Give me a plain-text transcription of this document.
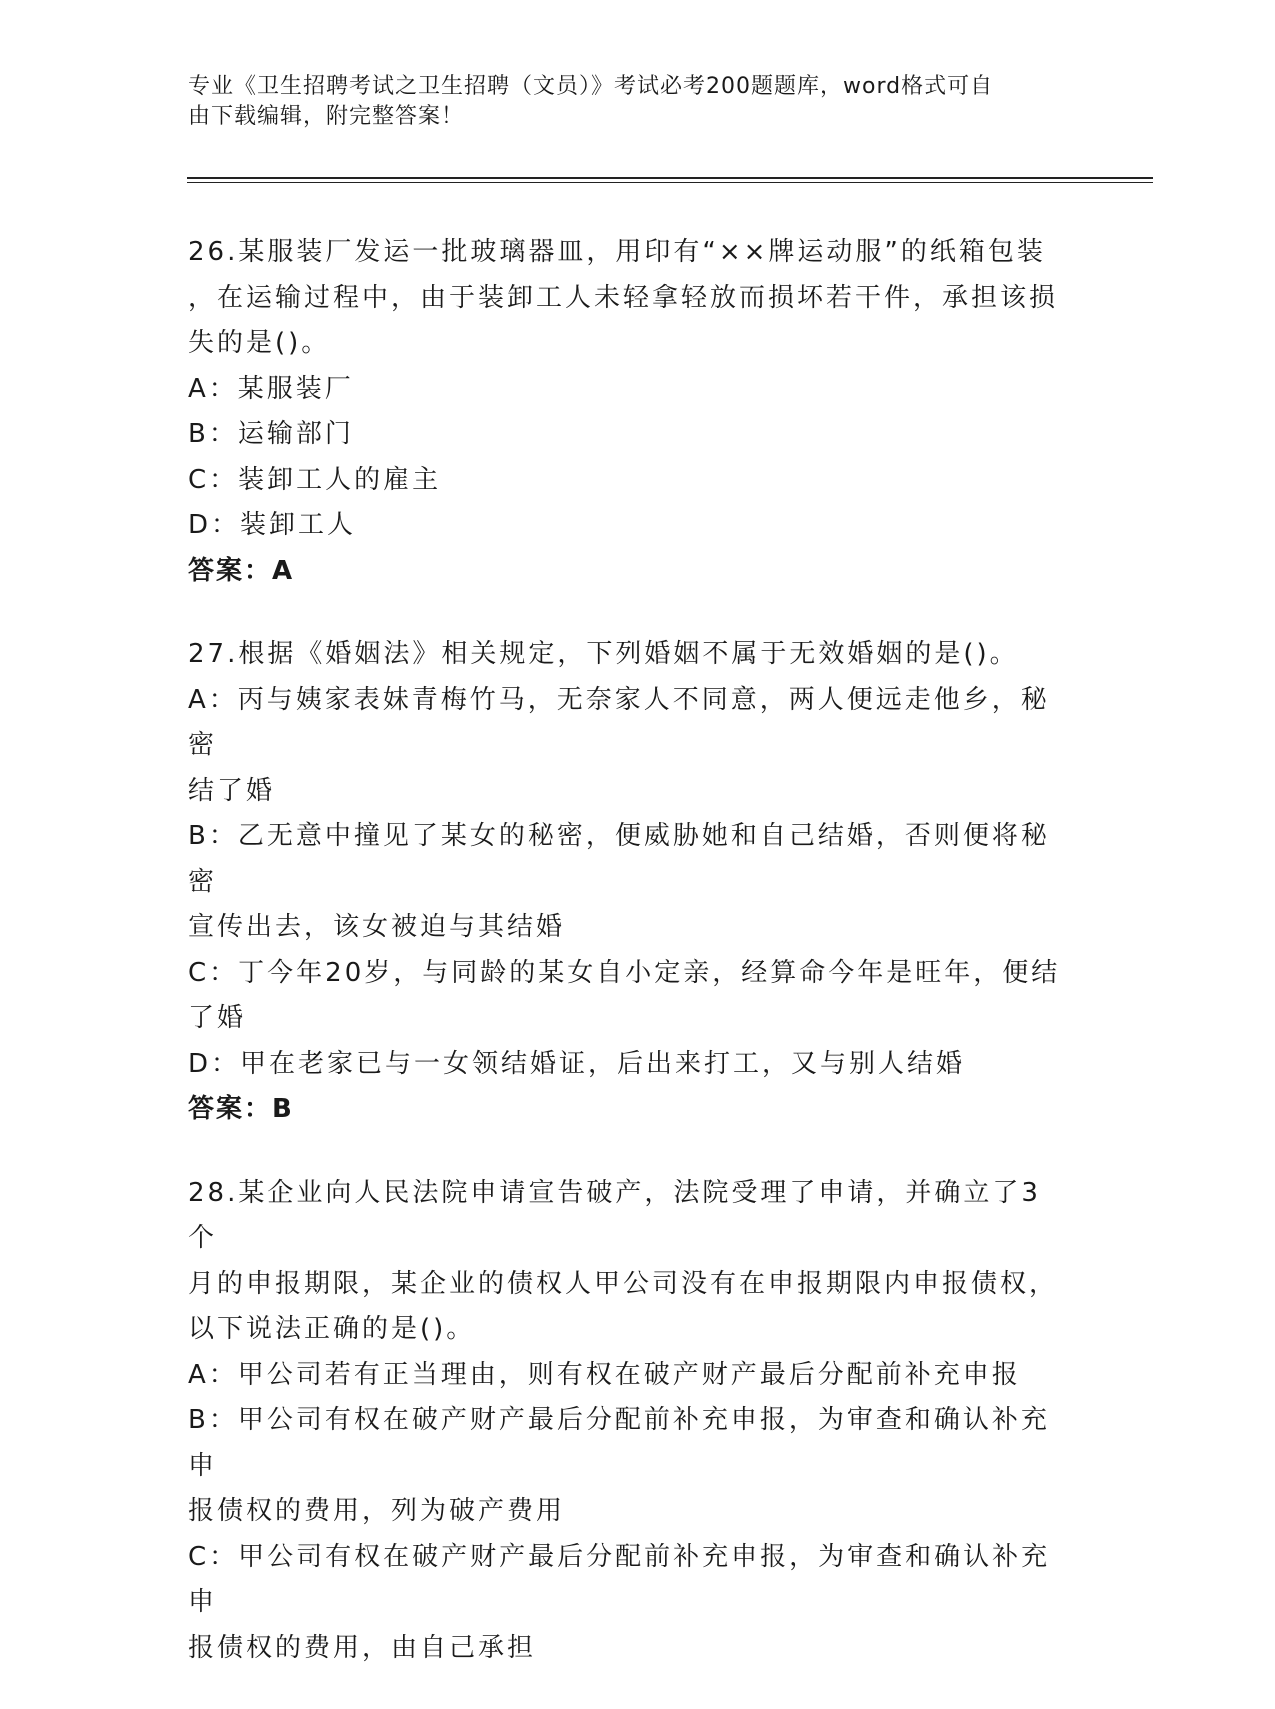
专业《卫生招聘考试之卫生招聘（文员）》考试必考200题题库，word格式可自
由下载编辑，附完整答案！

26.某服装厂发运一批玻璃器皿，用印有“××牌运动服”的纸箱包装

，在运输过程中，由于装卸工人未轻拿轻放而损坏若干件，承担该损

失的是()。

A：某服装厂

B：运输部门

C：装卸工人的雇主

D：装卸工人

答案：A

27.根据《婚姻法》相关规定，下列婚姻不属于无效婚姻的是()。

A：丙与姨家表妹青梅竹马，无奈家人不同意，两人便远走他乡，秘密

结了婚

B：乙无意中撞见了某女的秘密，便威胁她和自己结婚，否则便将秘密

宣传出去，该女被迫与其结婚

C：丁今年20岁，与同龄的某女自小定亲，经算命今年是旺年，便结

了婚

D：甲在老家已与一女领结婚证，后出来打工，又与别人结婚

答案：B

28.某企业向人民法院申请宣告破产，法院受理了申请，并确立了3个

月的申报期限，某企业的债权人甲公司没有在申报期限内申报债权，

以下说法正确的是()。

A：甲公司若有正当理由，则有权在破产财产最后分配前补充申报

B：甲公司有权在破产财产最后分配前补充申报，为审查和确认补充申

报债权的费用，列为破产费用

C：甲公司有权在破产财产最后分配前补充申报，为审查和确认补充申

报债权的费用，由自己承担
